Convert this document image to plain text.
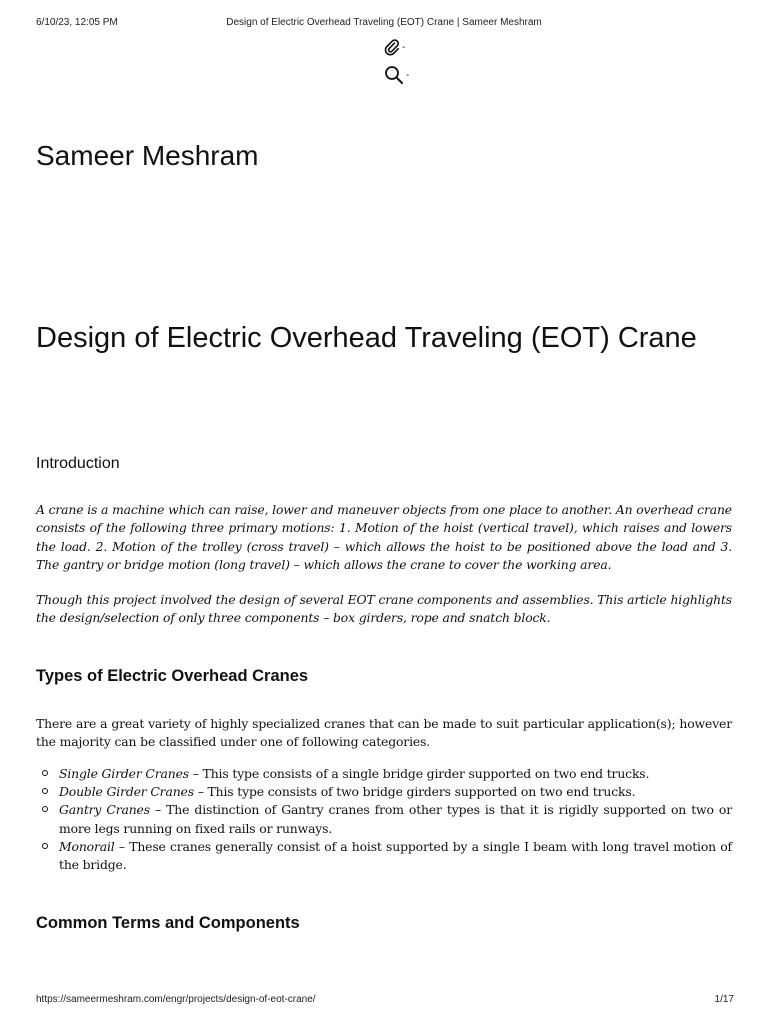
6/10/23, 12:05 PM	Design of Electric Overhead Traveling (EOT) Crane | Sameer Meshram
-
-
Sameer Meshram
Design of Electric Overhead Traveling (EOT) Crane
Introduction

A crane is a machine which can raise, lower and maneuver objects from one place to another. An overhead crane consists of the following three primary motions: 1. Motion of the hoist (vertical travel), which raises and lowers the load. 2. Motion of the trolley (cross travel) – which allows the hoist to be positioned above the load and 3. The gantry or bridge motion (long travel) – which allows the crane to cover the working area.

Though this project involved the design of several EOT crane components and assemblies. This article highlights the design/selection of only three components – box girders, rope and snatch block.

Types of Electric Overhead Cranes

There are a great variety of highly specialized cranes that can be made to suit particular application(s); however the majority can be classified under one of following categories.

Single Girder Cranes – This type consists of a single bridge girder supported on two end trucks.
Double Girder Cranes – This type consists of two bridge girders supported on two end trucks.
Gantry Cranes – The distinction of Gantry cranes from other types is that it is rigidly supported on two or more legs running on fixed rails or runways.
Monorail – These cranes generally consist of a hoist supported by a single I beam with long travel motion of the bridge.
Common Terms and Components
https://sameermeshram.com/engr/projects/design-of-eot-crane/	1/17
